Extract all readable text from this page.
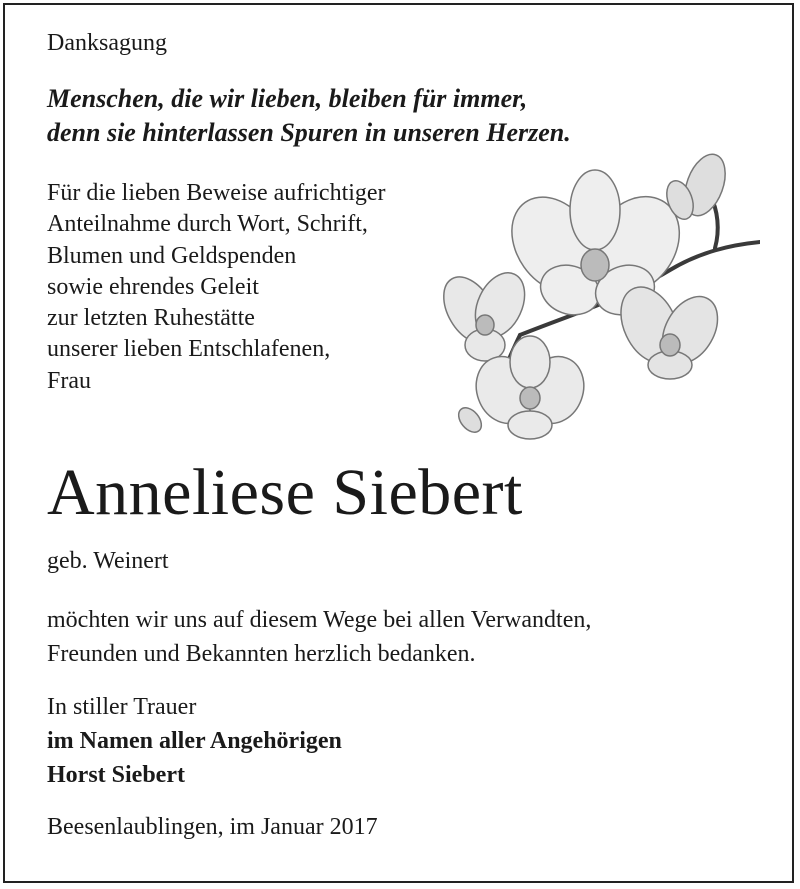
Danksagung

Menschen, die wir lieben, bleiben für immer,
denn sie hinterlassen Spuren in unseren Herzen.

Für die lieben Beweise aufrichtiger
Anteilnahme durch Wort, Schrift,
Blumen und Geldspenden
sowie ehrendes Geleit
zur letzten Ruhestätte
unserer lieben Entschlafenen,
Frau

Anneliese Siebert

geb. Weinert

möchten wir uns auf diesem Wege bei allen Verwandten,
Freunden und Bekannten herzlich bedanken.

In stiller Trauer
im Namen aller Angehörigen
Horst Siebert

Beesenlaublingen, im Januar 2017
